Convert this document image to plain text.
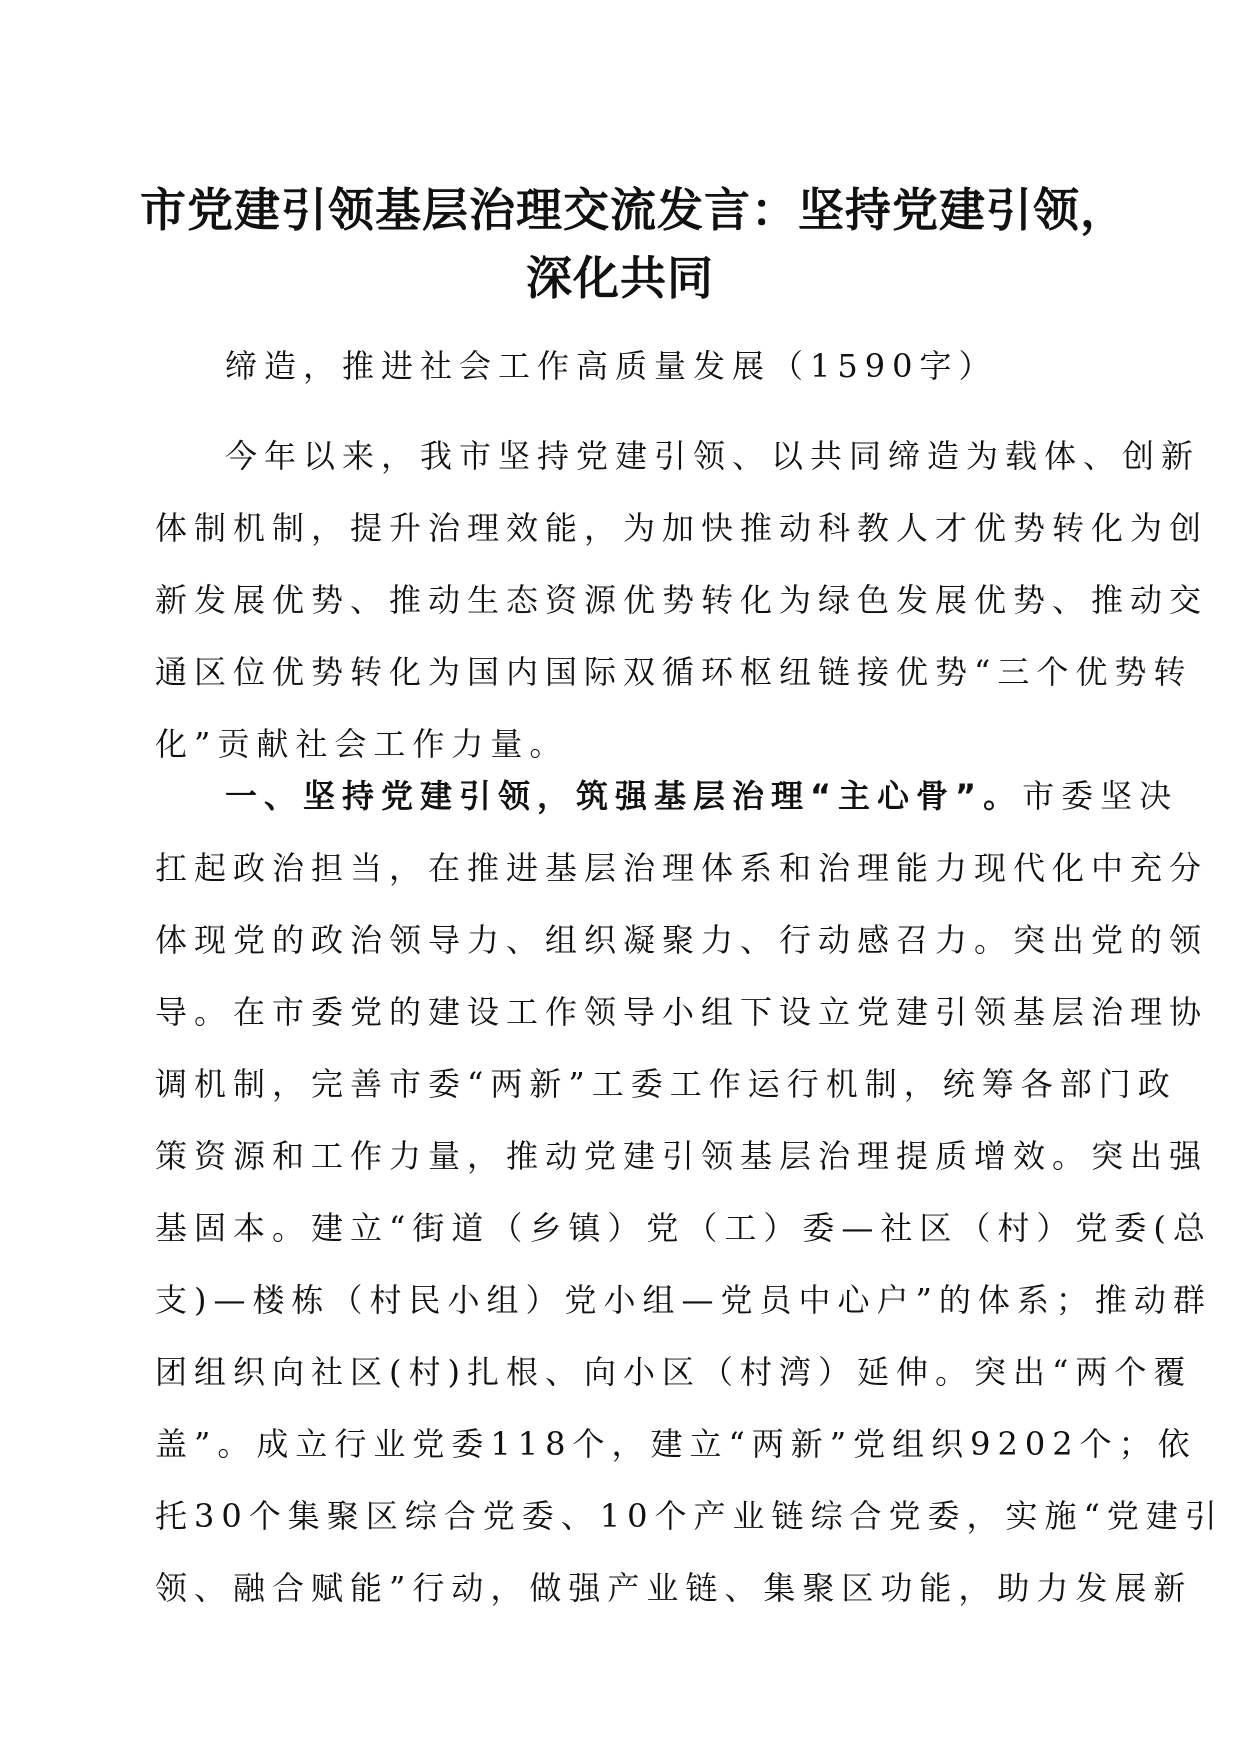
市党建引领基层治理交流发言：坚持党建引领，
深化共同
缔造，推进社会工作高质量发展（1590字）
今年以来，我市坚持党建引领、以共同缔造为载体、创新
体制机制，提升治理效能，为加快推动科教人才优势转化为创
新发展优势、推动生态资源优势转化为绿色发展优势、推动交
通区位优势转化为国内国际双循环枢纽链接优势“三个优势转
化”贡献社会工作力量。
一、坚持党建引领，筑强基层治理“主心骨”。市委坚决
扛起政治担当，在推进基层治理体系和治理能力现代化中充分
体现党的政治领导力、组织凝聚力、行动感召力。突出党的领
导。在市委党的建设工作领导小组下设立党建引领基层治理协
调机制，完善市委“两新”工委工作运行机制，统筹各部门政
策资源和工作力量，推动党建引领基层治理提质增效。突出强
基固本。建立“街道（乡镇）党（工）委—社区（村）党委(总
支)—楼栋（村民小组）党小组—党员中心户”的体系；推动群
团组织向社区(村)扎根、向小区（村湾）延伸。突出“两个覆
盖”。成立行业党委118个，建立“两新”党组织9202个；依
托30个集聚区综合党委、10个产业链综合党委，实施“党建引
领、融合赋能”行动，做强产业链、集聚区功能，助力发展新
